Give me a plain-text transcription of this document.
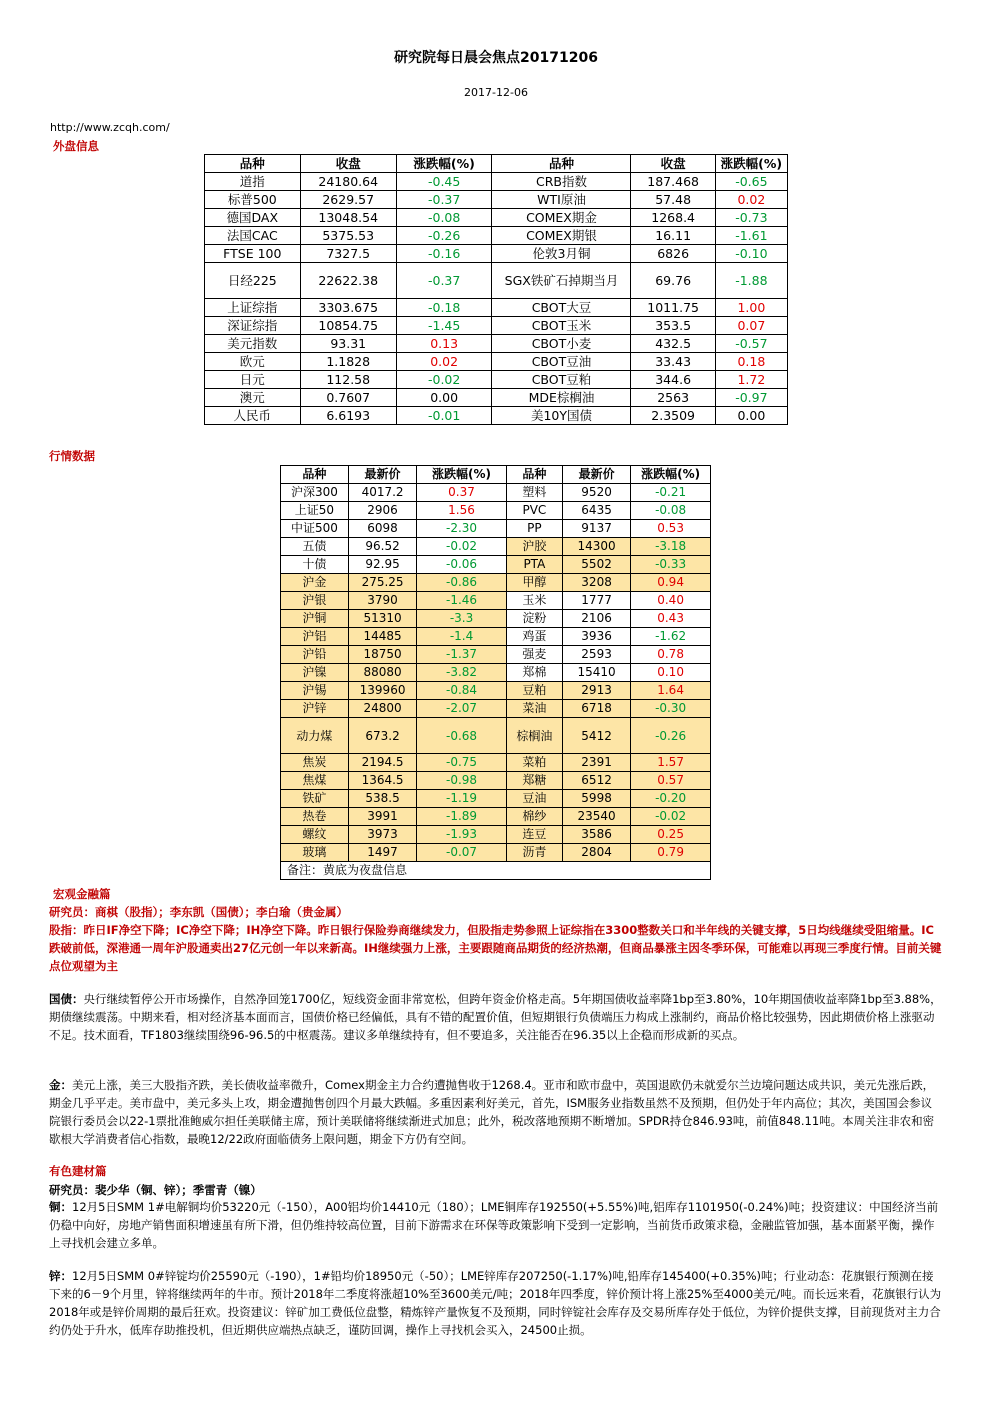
研究院每日晨会焦点20171206
2017-12-06
http://www.zcqh.com/
外盘信息
品种	收盘	涨跌幅(%)	品种	收盘	涨跌幅(%)
道指	24180.64	-0.45	CRB指数	187.468	-0.65
标普500	2629.57	-0.37	WTI原油	57.48	0.02
德国DAX	13048.54	-0.08	COMEX期金	1268.4	-0.73
法国CAC	5375.53	-0.26	COMEX期银	16.11	-1.61
FTSE 100	7327.5	-0.16	伦敦3月铜	6826	-0.10
日经225	22622.38	-0.37	SGX铁矿石掉期当月	69.76	-1.88
上证综指	3303.675	-0.18	CBOT大豆	1011.75	1.00
深证综指	10854.75	-1.45	CBOT玉米	353.5	0.07
美元指数	93.31	0.13	CBOT小麦	432.5	-0.57
欧元	1.1828	0.02	CBOT豆油	33.43	0.18
日元	112.58	-0.02	CBOT豆粕	344.6	1.72
澳元	0.7607	0.00	MDE棕榈油	2563	-0.97
人民币	6.6193	-0.01	美10Y国债	2.3509	0.00
行情数据
品种	最新价	涨跌幅(%)	品种	最新价	涨跌幅(%)
沪深300	4017.2	0.37	塑料	9520	-0.21
上证50	2906	1.56	PVC	6435	-0.08
中证500	6098	-2.30	PP	9137	0.53
五债	96.52	-0.02	沪胶	14300	-3.18
十债	92.95	-0.06	PTA	5502	-0.33
沪金	275.25	-0.86	甲醇	3208	0.94
沪银	3790	-1.46	玉米	1777	0.40
沪铜	51310	-3.3	淀粉	2106	0.43
沪铝	14485	-1.4	鸡蛋	3936	-1.62
沪铅	18750	-1.37	强麦	2593	0.78
沪镍	88080	-3.82	郑棉	15410	0.10
沪锡	139960	-0.84	豆粕	2913	1.64
沪锌	24800	-2.07	菜油	6718	-0.30
动力煤	673.2	-0.68	棕榈油	5412	-0.26
焦炭	2194.5	-0.75	菜粕	2391	1.57
焦煤	1364.5	-0.98	郑糖	6512	0.57
铁矿	538.5	-1.19	豆油	5998	-0.20
热卷	3991	-1.89	棉纱	23540	-0.02
螺纹	3973	-1.93	连豆	3586	0.25
玻璃	1497	-0.07	沥青	2804	0.79
备注：黄底为夜盘信息					
宏观金融篇
研究员：商棋（股指）；李东凯（国债）；李白瑜（贵金属）
股指：昨日IF净空下降；IC净空下降；IH净空下降。昨日银行保险券商继续发力，但股指走势参照上证综指在3300整数关口和半年线的关键支撑，5日均线继续受阻缩量。IC跌破前低，深港通一周年沪股通卖出27亿元创一年以来新高。IH继续强力上涨，主要跟随商品期货的经济热潮，但商品暴涨主因冬季环保，可能难以再现三季度行情。目前关键点位观望为主
国债：央行继续暂停公开市场操作，自然净回笼1700亿，短线资金面非常宽松，但跨年资金价格走高。5年期国债收益率降1bp至3.80%，10年期国债收益率降1bp至3.88%，期债继续震荡。中期来看，相对经济基本面而言，国债价格已经偏低，具有不错的配置价值，但短期银行负债端压力构成上涨制约，商品价格比较强势，因此期债价格上涨驱动不足。技术面看，TF1803继续围绕96-96.5的中枢震荡。建议多单继续持有，但不要追多，关注能否在96.35以上企稳而形成新的买点。
金：美元上涨，美三大股指齐跌，美长债收益率微升，Comex期金主力合约遭抛售收于1268.4。亚市和欧市盘中，英国退欧仍未就爱尔兰边境问题达成共识，美元先涨后跌，期金几乎平走。美市盘中，美元多头上攻，期金遭抛售创四个月最大跌幅。多重因素利好美元，首先，ISM服务业指数虽然不及预期，但仍处于年内高位；其次，美国国会参议院银行委员会以22-1票批准鲍威尔担任美联储主席，预计美联储将继续渐进式加息；此外，税改落地预期不断增加。SPDR持仓846.93吨，前值848.11吨。本周关注非农和密歇根大学消费者信心指数，最晚12/22政府面临债务上限问题，期金下方仍有空间。
有色建材篇
研究员：裴少华（铜、锌）；季雷青（镍）
铜：12月5日SMM 1#电解铜均价53220元（-150），A00铝均价14410元（180）；LME铜库存192550(+5.55%)吨,铝库存1101950(-0.24%)吨；投资建议：中国经济当前仍稳中向好，房地产销售面积增速虽有所下滑，但仍维持较高位置，目前下游需求在环保等政策影响下受到一定影响，当前货币政策求稳，金融监管加强，基本面紧平衡，操作上寻找机会建立多单。
锌：12月5日SMM 0#锌锭均价25590元（-190），1#铅均价18950元（-50）；LME锌库存207250(-1.17%)吨,铅库存145400(+0.35%)吨；行业动态：花旗银行预测在接下来的6－9个月里，锌将继续两年的牛市。预计2018年二季度将涨超10%至3600美元/吨；2018年四季度，锌价预计将上涨25%至4000美元/吨。而长远来看，花旗银行认为2018年或是锌价周期的最后狂欢。投资建议：锌矿加工费低位盘整，精炼锌产量恢复不及预期，同时锌锭社会库存及交易所库存处于低位，为锌价提供支撑，目前现货对主力合约仍处于升水，低库存助推投机，但近期供应端热点缺乏，谨防回调，操作上寻找机会买入，24500止损。
